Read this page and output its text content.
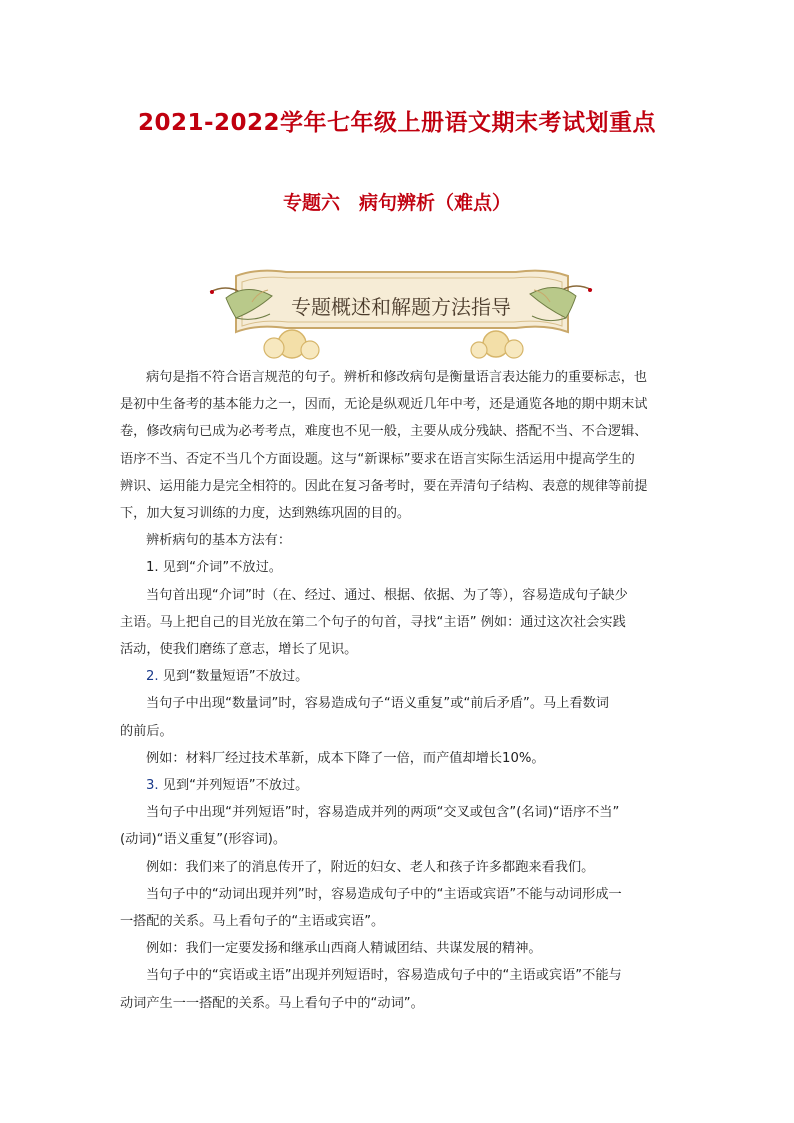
2021-2022学年七年级上册语文期末考试划重点
专题六　病句辨析（难点）
专题概述和解题方法指导

病句是指不符合语言规范的句子。辨析和修改病句是衡量语言表达能力的重要标志，也

是初中生备考的基本能力之一，因而，无论是纵观近几年中考，还是通览各地的期中期末试

卷，修改病句已成为必考考点，难度也不见一般，主要从成分残缺、搭配不当、不合逻辑、

语序不当、否定不当几个方面设题。这与“新课标”要求在语言实际生活运用中提高学生的

辨识、运用能力是完全相符的。因此在复习备考时，要在弄清句子结构、表意的规律等前提

下，加大复习训练的力度，达到熟练巩固的目的。

辨析病句的基本方法有：

1. 见到“介词”不放过。

当句首出现“介词”时（在、经过、通过、根据、依据、为了等），容易造成句子缺少

主语。马上把自己的目光放在第二个句子的句首，寻找“主语” 例如：通过这次社会实践

活动，使我们磨练了意志，增长了见识。

2. 见到“数量短语”不放过。

当句子中出现“数量词”时，容易造成句子“语义重复”或“前后矛盾”。马上看数词

的前后。

例如：材料厂经过技术革新，成本下降了一倍，而产值却增长10%。

3. 见到“并列短语”不放过。

当句子中出现“并列短语”时，容易造成并列的两项“交叉或包含”(名词)“语序不当”

(动词)“语义重复”(形容词)。

例如：我们来了的消息传开了，附近的妇女、老人和孩子许多都跑来看我们。

当句子中的“动词出现并列”时，容易造成句子中的“主语或宾语”不能与动词形成一

一搭配的关系。马上看句子的“主语或宾语”。

例如：我们一定要发扬和继承山西商人精诚团结、共谋发展的精神。

当句子中的“宾语或主语”出现并列短语时，容易造成句子中的“主语或宾语”不能与

动词产生一一搭配的关系。马上看句子中的“动词”。
